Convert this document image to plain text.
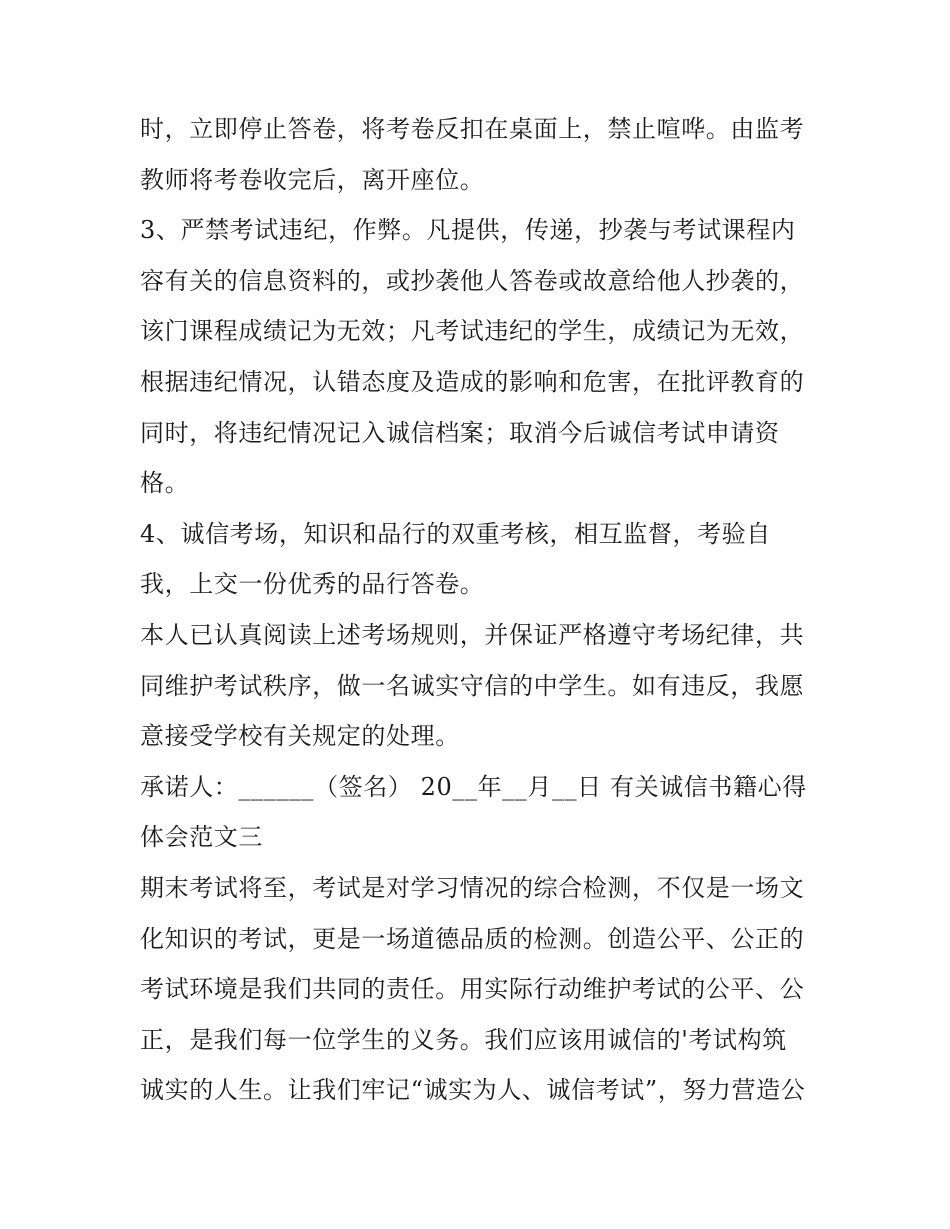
时，立即停止答卷，将考卷反扣在桌面上，禁止喧哗。由监考
教师将考卷收完后，离开座位。
3、严禁考试违纪，作弊。凡提供，传递，抄袭与考试课程内
容有关的信息资料的，或抄袭他人答卷或故意给他人抄袭的，
该门课程成绩记为无效；凡考试违纪的学生，成绩记为无效，
根据违纪情况，认错态度及造成的影响和危害，在批评教育的
同时，将违纪情况记入诚信档案；取消今后诚信考试申请资
格。
4、诚信考场，知识和品行的双重考核，相互监督，考验自
我，上交一份优秀的品行答卷。
本人已认真阅读上述考场规则，并保证严格遵守考场纪律，共
同维护考试秩序，做一名诚实守信的中学生。如有违反，我愿
意接受学校有关规定的处理。
承诺人：______（签名） 20__年__月__日 有关诚信书籍心得
体会范文三
期末考试将至，考试是对学习情况的综合检测，不仅是一场文
化知识的考试，更是一场道德品质的检测。创造公平、公正的
考试环境是我们共同的责任。用实际行动维护考试的公平、公
正，是我们每一位学生的义务。我们应该用诚信的'考试构筑
诚实的人生。让我们牢记“诚实为人、诚信考试”，努力营造公
